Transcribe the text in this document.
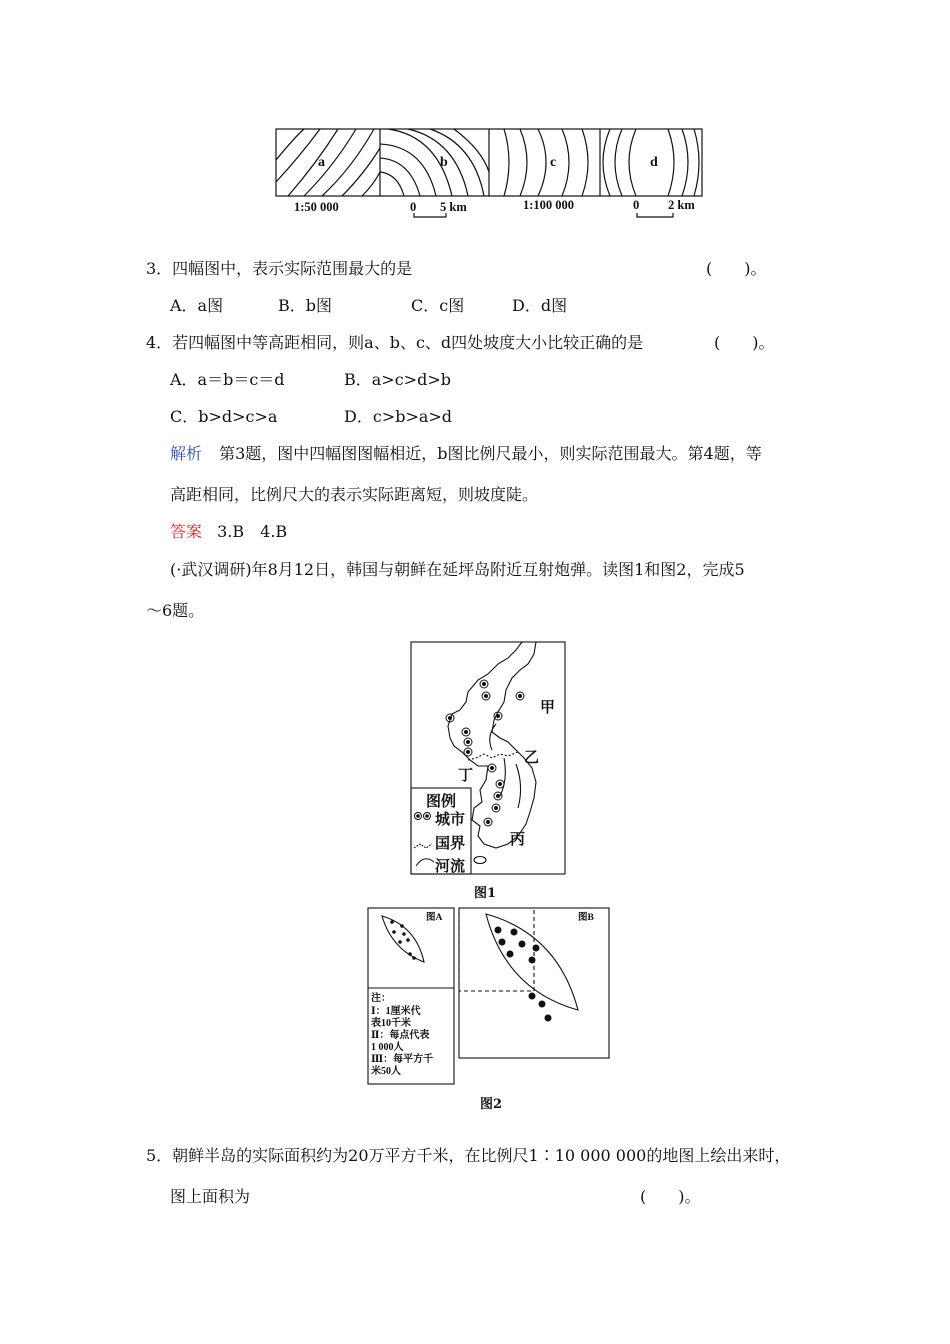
a	b	c	d
1:50 000	0 5 km	1:100 000	0 2 km
3．四幅图中，表示实际范围最大的是	(　　)。
A．a图	B．b图	C．c图	D．d图
4．若四幅图中等高距相同，则a、b、c、d四处坡度大小比较正确的是	(　　)。
A．a＝b＝c＝d	B．a>c>d>b
C．b>d>c>a	D．c>b>a>d
解析 第3题，图中四幅图图幅相近，b图比例尺最小，则实际范围最大。第4题，等
高距相同，比例尺大的表示实际距离短，则坡度陡。
答案 3.B　4.B
(·武汉调研)年8月12日，韩国与朝鲜在延坪岛附近互射炮弹。读图1和图2，完成5
～6题。
甲
乙
丙
丁
图例
城市
国界
河流
图1
图A	图B
注：
Ⅰ：1厘米代
表10千米
Ⅱ：每点代表
1 000人
Ⅲ：每平方千
米50人
图2
5．朝鲜半岛的实际面积约为20万平方千米，在比例尺1∶10 000 000的地图上绘出来时，
图上面积为	(　　)。
